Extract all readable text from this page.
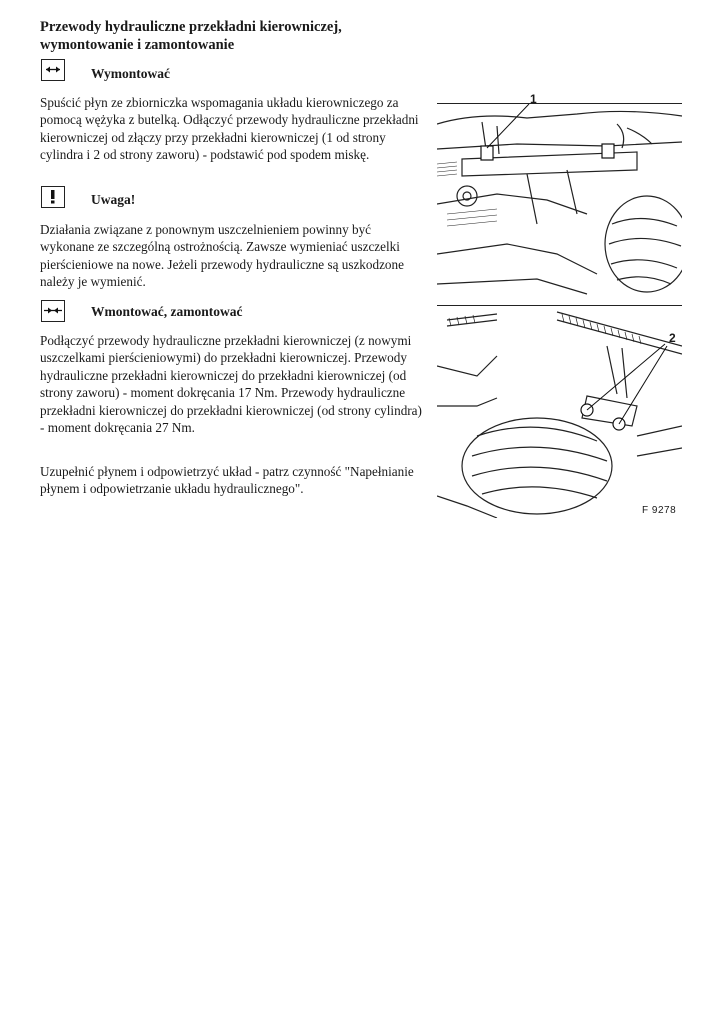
Przewody hydrauliczne przekładni kierowniczej, wymontowanie i zamontowanie
Wymontować
Spuścić płyn ze zbiorniczka wspomagania układu kierowniczego za pomocą wężyka z butelką. Odłączyć przewody hydrauliczne przekładni kierowniczej od złączy przy przekładni kierowniczej (1 od strony cylindra i 2 od strony zaworu) - podstawić pod spodem miskę.
Uwaga!
Działania związane z ponownym uszczelnieniem powinny być wykonane ze szczególną ostrożnością. Zawsze wymieniać uszczelki pierścieniowe na nowe. Jeżeli przewody hydrauliczne są uszkodzone należy je wymienić.
Wmontować, zamontować
Podłączyć przewody hydrauliczne przekładni kierowniczej (z nowymi uszczelkami pierścieniowymi) do przekładni kierowniczej. Przewody hydrauliczne przekładni kierowniczej do przekładni kierowniczej (od strony zaworu) - moment dokręcania 17 Nm. Przewody hydrauliczne przekładni kierowniczej do przekładni kierowniczej (od strony cylindra) - moment dokręcania 27 Nm.
Uzupełnić płynem i odpowietrzyć układ - patrz czynność "Napełnianie płynem i odpowietrzanie układu hydraulicznego".
1
2
F 9278
